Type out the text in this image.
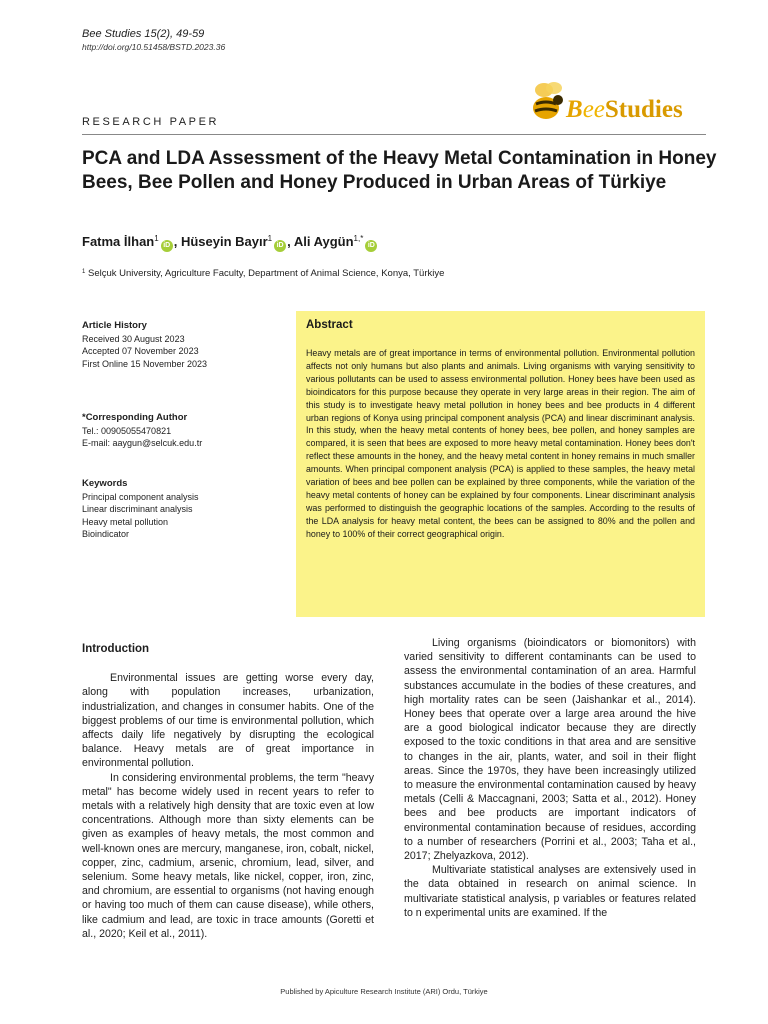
Bee Studies 15(2), 49-59
http://doi.org/10.51458/BSTD.2023.36
BeeStudies
RESEARCH PAPER
PCA and LDA Assessment of the Heavy Metal Contamination in Honey Bees, Bee Pollen and Honey Produced in Urban Areas of Türkiye
Fatma İlhan$^1$iD , Hüseyin Bayır$^1$iD , Ali Aygün$^{1,*}$iD
$^1$ Selçuk University, Agriculture Faculty, Department of Animal Science, Konya, Türkiye
Article History
Received 30 August 2023
Accepted 07 November 2023
First Online 15 November 2023
*Corresponding Author
Tel.: 00905055470821
E-mail: aaygun@selcuk.edu.tr
Keywords
Principal component analysis
Linear discriminant analysis
Heavy metal pollution
Bioindicator
Abstract
Heavy metals are of great importance in terms of environmental pollution. Environmental pollution affects not only humans but also plants and animals. Living organisms with varying sensitivity to various pollutants can be used to assess environmental pollution. Honey bees have been used as bioindicators for this purpose because they operate in very large areas in their region. The aim of this study is to investigate heavy metal pollution in honey bees and bee products in 4 different urban regions of Konya using principal component analysis (PCA) and linear discriminant analysis. In this study, when the heavy metal contents of honey bees, bee pollen, and honey samples are compared, it is seen that bees are exposed to more heavy metal contamination. Honey bees don't reflect these amounts in the honey, and the heavy metal content in honey remains in much smaller amounts. When principal component analysis (PCA) is applied to these samples, the heavy metal variation of bees and bee pollen can be explained by three components, while the variation of the heavy metal contents of honey can be explained by four components. Linear discriminant analysis was performed to distinguish the geographic locations of the samples. According to the results of the LDA analysis for heavy metal content, the bees can be assigned to 80% and the pollen and honey to 100% of their correct geographical origin.
Introduction

Environmental issues are getting worse every day, along with population increases, urbanization, industrialization, and changes in consumer habits. One of the biggest problems of our time is environmental pollution, which affects daily life negatively by disrupting the ecological balance. Heavy metals are of great importance in environmental pollution.

In considering environmental problems, the term "heavy metal" has become widely used in recent years to refer to metals with a relatively high density that are toxic even at low concentrations. Although more than sixty elements can be given as examples of heavy metals, the most common and well-known ones are mercury, manganese, iron, cobalt, nickel, copper, zinc, cadmium, arsenic, chromium, lead, silver, and selenium. Some heavy metals, like nickel, copper, iron, zinc, and chromium, are essential to organisms (not having enough or having too much of them can cause disease), while others, like cadmium and lead, are toxic in trace amounts (Goretti et al., 2020; Keil et al., 2011).

Living organisms (bioindicators or biomonitors) with varied sensitivity to different contaminants can be used to assess the environmental contamination of an area. Harmful substances accumulate in the bodies of these creatures, and high mortality rates can be seen (Jaishankar et al., 2014). Honey bees that operate over a large area around the hive are a good biological indicator because they are directly exposed to the toxic conditions in that area and are sensitive to changes in the air, plants, water, and soil in their flight areas. Since the 1970s, they have been increasingly utilized to measure the environmental contamination caused by heavy metals (Celli & Maccagnani, 2003; Satta et al., 2012). Honey bees and bee products are important indicators of environmental contamination because of residues, according to a number of researchers (Porrini et al., 2003; Taha et al., 2017; Zhelyazkova, 2012).

Multivariate statistical analyses are extensively used in the data obtained in research on animal science. In multivariate statistical analysis, p variables or features related to n experimental units are examined. If the

Published by Apiculture Research Institute (ARI) Ordu, Türkiye
